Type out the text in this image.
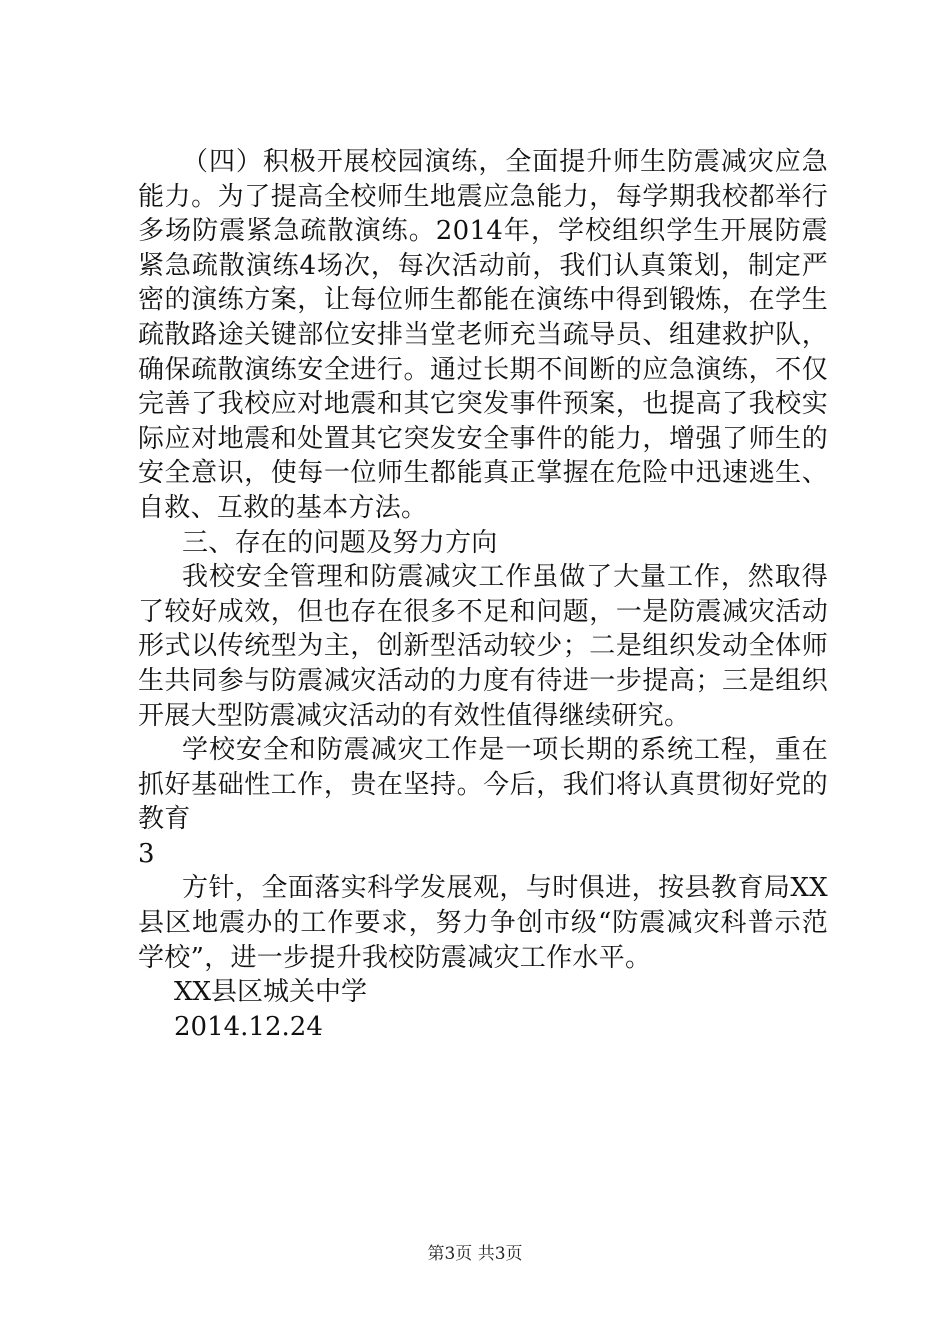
（四）积极开展校园演练，全面提升师生防震减灾应急能力。为了提高全校师生地震应急能力，每学期我校都举行多场防震紧急疏散演练。2014年，学校组织学生开展防震紧急疏散演练4场次，每次活动前，我们认真策划，制定严密的演练方案，让每位师生都能在演练中得到锻炼，在学生疏散路途关键部位安排当堂老师充当疏导员、组建救护队，确保疏散演练安全进行。通过长期不间断的应急演练，不仅完善了我校应对地震和其它突发事件预案，也提高了我校实际应对地震和处置其它突发安全事件的能力，增强了师生的安全意识，使每一位师生都能真正掌握在危险中迅速逃生、自救、互救的基本方法。

三、存在的问题及努力方向

我校安全管理和防震减灾工作虽做了大量工作，然取得了较好成效，但也存在很多不足和问题，一是防震减灾活动形式以传统型为主，创新型活动较少；二是组织发动全体师生共同参与防震减灾活动的力度有待进一步提高；三是组织开展大型防震减灾活动的有效性值得继续研究。

学校安全和防震减灾工作是一项长期的系统工程，重在抓好基础性工作，贵在坚持。今后，我们将认真贯彻好党的教育

3

方针，全面落实科学发展观，与时俱进，按县教育局XX县区地震办的工作要求，努力争创市级“防震减灾科普示范学校”，进一步提升我校防震减灾工作水平。

XX县区城关中学

2014.12.24

第3页 共3页
